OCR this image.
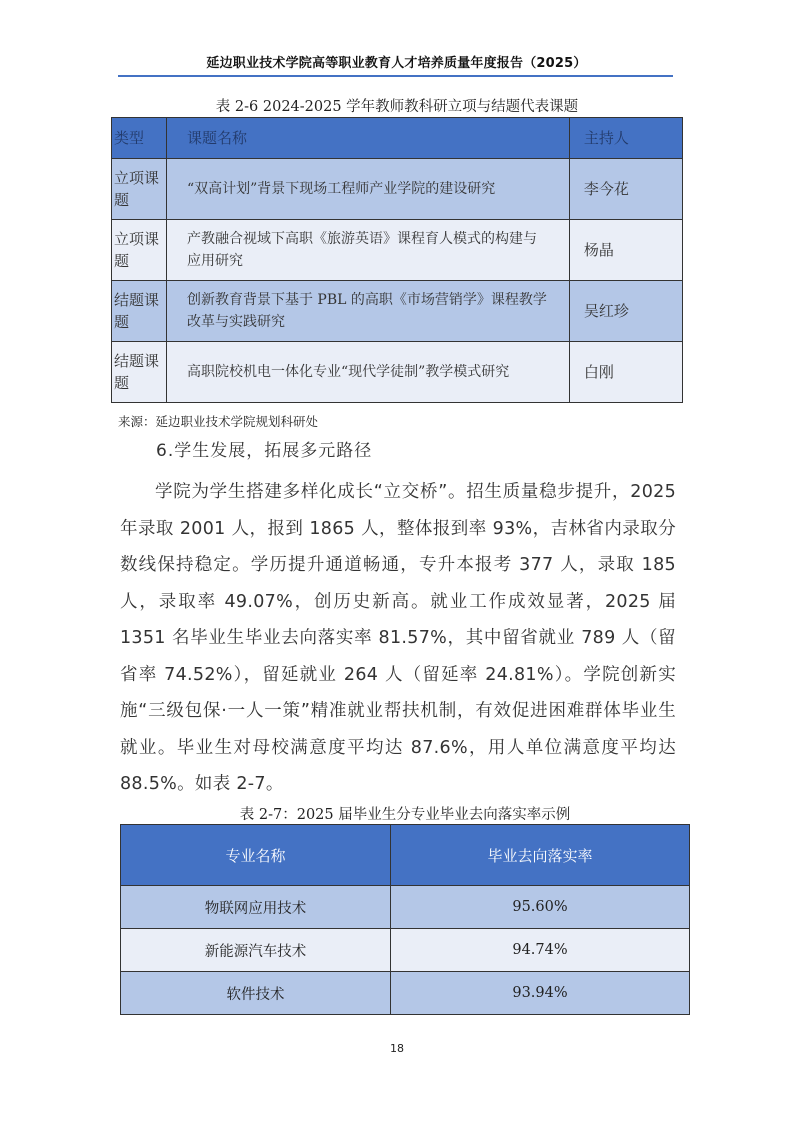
延边职业技术学院高等职业教育人才培养质量年度报告（2025）
表 2-6 2024-2025 学年教师教科研立项与结题代表课题
类型	课题名称	主持人
立项课题	“双高计划”背景下现场工程师产业学院的建设研究	李今花
立项课题	产教融合视域下高职《旅游英语》课程育人模式的构建与应用研究	杨晶
结题课题	创新教育背景下基于 PBL 的高职《市场营销学》课程教学改革与实践研究	吴红珍
结题课题	高职院校机电一体化专业“现代学徒制”教学模式研究	白刚
来源：延边职业技术学院规划科研处
6.学生发展，拓展多元路径
学院为学生搭建多样化成长“立交桥”。招生质量稳步提升，2025年录取 2001 人，报到 1865 人，整体报到率 93%，吉林省内录取分数线保持稳定。学历提升通道畅通，专升本报考 377 人，录取 185 人，录取率 49.07%，创历史新高。就业工作成效显著，2025 届 1351 名毕业生毕业去向落实率 81.57%，其中留省就业 789 人（留省率 74.52%），留延就业 264 人（留延率 24.81%）。学院创新实施“三级包保·一人一策”精准就业帮扶机制，有效促进困难群体毕业生就业。毕业生对母校满意度平均达 87.6%，用人单位满意度平均达 88.5%。如表 2-7。
表 2-7：2025 届毕业生分专业毕业去向落实率示例
专业名称	毕业去向落实率
物联网应用技术	95.60%
新能源汽车技术	94.74%
软件技术	93.94%
18
